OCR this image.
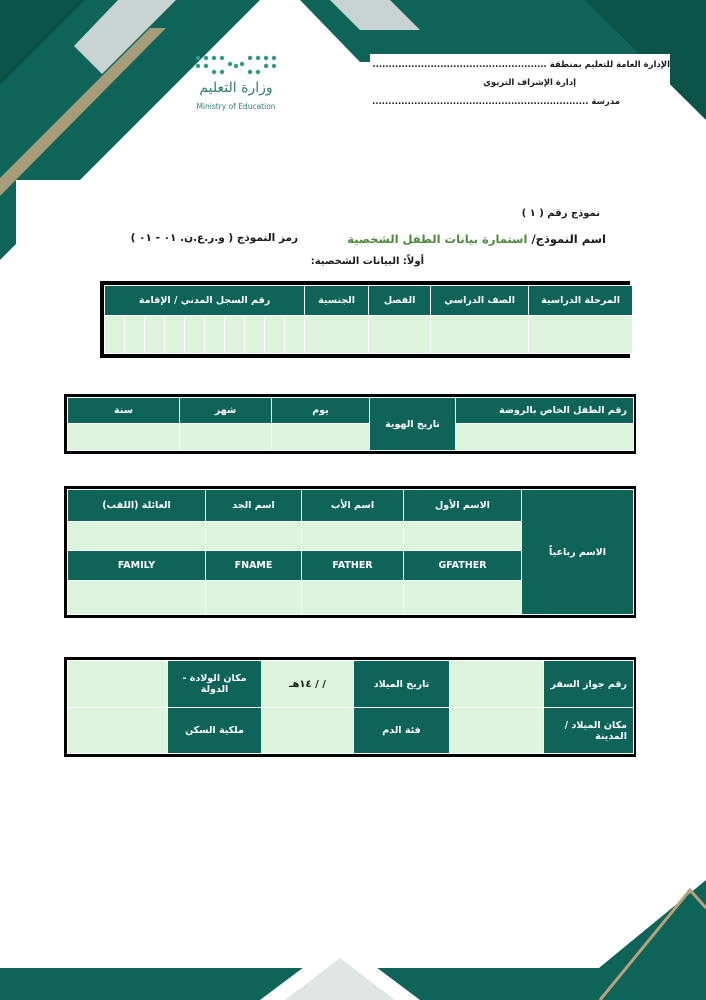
وزارة التعليم
Ministry of Education
الإدارة العامة للتعليم بمنطقة ......................................................
إدارة الإشراف التربوي
مدرسة ...................................................................
نموذج رقم ( ١ )
اسم النموذج/ استمارة بيانات الطفل الشخصية
رمز النموذج ( و.ر.ع.ن. ٠١ - ٠١ )
أولاً: البيانات الشخصية:
المرحلة الدراسية	الصف الدراسي	الفصل	الجنسية	رقم السجل المدني / الإقامة									

رقم الطفل الخاص بالروضة	تاريخ الهوية	يوم	شهر	سنة

الاسم رباعياً	الاسم الأول	اسم الأب	اسم الجد	العائلة (اللقب)

	GFATHER	FATHER	FNAME	FAMILY

رقم جواز السفر		تاريخ الميلاد	/ / ١٤هـ	مكان الولادة - الدولة	
مكان الميلاد / المدينة		فئة الدم		ملكية السكن	
